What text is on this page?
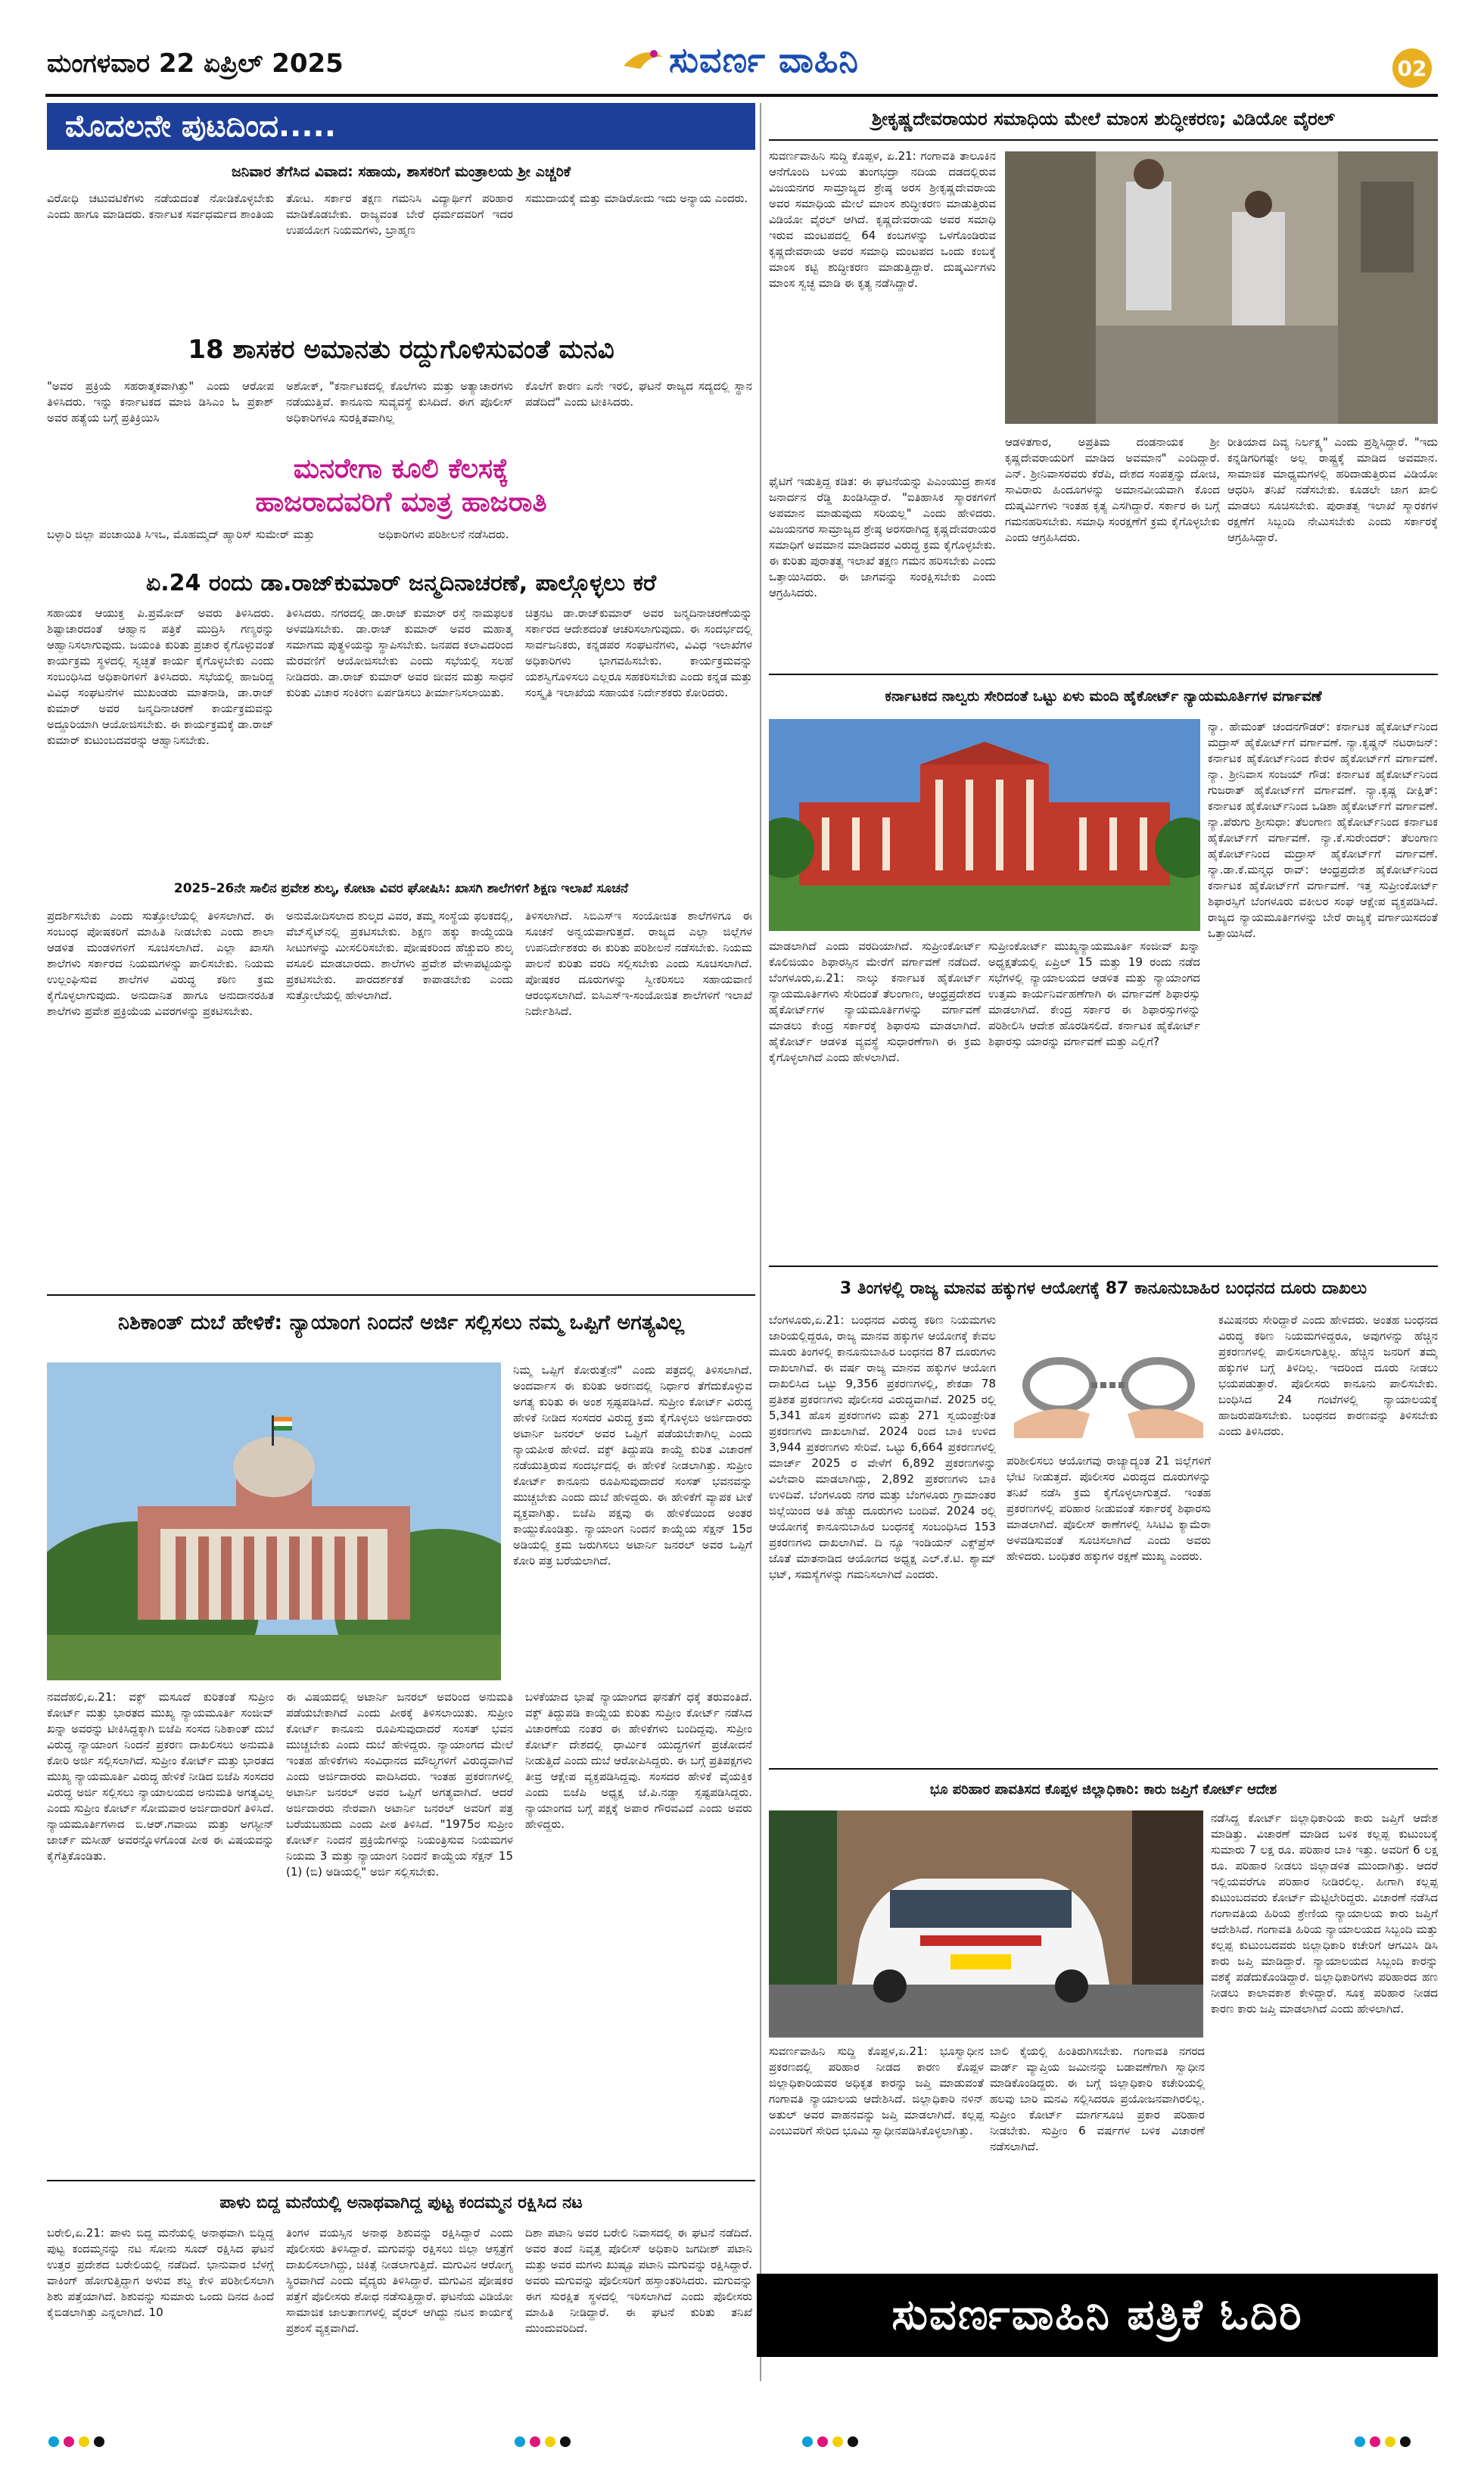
ಮಂಗಳವಾರ 22 ಏಪ್ರಿಲ್ 2025	ಸುವರ್ಣ ವಾಹಿನಿ	02
ಮೊದಲನೇ ಪುಟದಿಂದ.....
ಜನಿವಾರ ತೆಗೆಸಿದ ವಿವಾದ: ಸಹಾಯ, ಶಾಸಕರಿಗೆ ಮಂತ್ರಾಲಯ ಶ್ರೀ ಎಚ್ಚರಿಕೆ
ವಿರೋಧಿ ಚಟುವಟಿಕೆಗಳು ನಡೆಯದಂತೆ ನೋಡಿಕೊಳ್ಳಬೇಕು ಎಂದು ಹಾಗೂ ಮಾಡಿದರು. ಕರ್ನಾಟಕ ಸರ್ವಧರ್ಮದ ಶಾಂತಿಯ
ತೋಟ. ಸರ್ಕಾರ ತಕ್ಷಣ ಗಮನಿಸಿ ವಿದ್ಯಾರ್ಥಿಗೆ ಪರಿಹಾರ ಮಾಡಿಕೊಡಬೇಕು. ರಾಜ್ಯವಂತ ಬೇರೆ ಧರ್ಮದವರಿಗೆ ಇದರ ಉಪಯೋಗ ನಿಯಮಗಳು, ಬ್ರಾಹ್ಮಣ
ಸಮುದಾಯಕ್ಕೆ ಮತ್ತು ಮಾಡಿರೋದು ಇದು ಅನ್ಯಾಯ ಎಂದರು.
18 ಶಾಸಕರ ಅಮಾನತು ರದ್ದುಗೊಳಿಸುವಂತೆ ಮನವಿ
"ಅವರ ಪ್ರಕ್ರಿಯೆ ಸಹರಾತ್ಮಕವಾಗಿತ್ತು" ಎಂದು ಆರೋಪ ತಿಳಿಸಿದರು. ಇನ್ನು ಕರ್ನಾಟಕದ ಮಾಜಿ ಡಿಸಿಎಂ ಓ ಪ್ರಕಾಶ್ ಅವರ ಹತ್ಯೆಯ ಬಗ್ಗೆ ಪ್ರತಿಕ್ರಿಯಿಸಿ
ಅಶೋಕ್, "ಕರ್ನಾಟಕದಲ್ಲಿ ಕೊಲೆಗಳು ಮತ್ತು ಅತ್ಯಾಚಾರಗಳು ನಡೆಯುತ್ತಿವೆ. ಕಾನೂನು ಸುವ್ಯವಸ್ಥೆ ಕುಸಿದಿದೆ. ಈಗ ಪೊಲೀಸ್ ಅಧಿಕಾರಿಗಳೂ ಸುರಕ್ಷಿತವಾಗಿಲ್ಲ
ಕೊಲೆಗೆ ಕಾರಣ ಏನೇ ಇರಲಿ, ಘಟನೆ ರಾಜ್ಯದ ಸದ್ಯದಲ್ಲಿ ಸ್ಥಾನ ಪಡೆದಿದೆ" ಎಂದು ಟೀಕಿಸಿದರು.
ಮನರೇಗಾ ಕೂಲಿ ಕೆಲಸಕ್ಕೆ
ಹಾಜರಾದವರಿಗೆ ಮಾತ್ರ ಹಾಜರಾತಿ
ಬಳ್ಳಾರಿ ಜಿಲ್ಲಾ ಪಂಚಾಯಿತಿ ಸಿಇಒ, ಮೊಹಮ್ಮದ್ ಹ್ಯಾರಿಸ್ ಸುಮೇರ್ ಮತ್ತು	ಅಧಿಕಾರಿಗಳು ಪರಿಶೀಲನೆ ನಡೆಸಿದರು.
ಏ.24 ರಂದು ಡಾ.ರಾಜ್‌ಕುಮಾರ್ ಜನ್ಮದಿನಾಚರಣೆ, ಪಾಲ್ಗೊಳ್ಳಲು ಕರೆ
ಸಹಾಯಕ ಆಯುಕ್ತ ಪಿ.ಪ್ರಮೋದ್ ಅವರು ತಿಳಿಸಿದರು. ಶಿಷ್ಟಾಚಾರದಂತೆ ಆಹ್ವಾನ ಪತ್ರಿಕೆ ಮುದ್ರಿಸಿ ಗಣ್ಯರನ್ನು ಆಹ್ವಾನಿಸಲಾಗುವುದು. ಜಯಂತಿ ಕುರಿತು ಪ್ರಚಾರ ಕೈಗೊಳ್ಳುವಂತೆ ಕಾರ್ಯಕ್ರಮ ಸ್ಥಳದಲ್ಲಿ ಸ್ವಚ್ಛತೆ ಕಾರ್ಯ ಕೈಗೊಳ್ಳಬೇಕು ಎಂದು ಸಂಬಂಧಿಸಿದ ಅಧಿಕಾರಿಗಳಿಗೆ ತಿಳಿಸಿದರು. ಸಭೆಯಲ್ಲಿ ಹಾಜರಿದ್ದ ವಿವಿಧ ಸಂಘಟನೆಗಳ ಮುಖಂಡರು ಮಾತನಾಡಿ, ಡಾ.ರಾಜ್ ಕುಮಾರ್ ಅವರ ಜನ್ಮದಿನಾಚರಣೆ ಕಾರ್ಯಕ್ರಮವನ್ನು ಅದ್ದೂರಿಯಾಗಿ ಆಯೋಜಿಸಬೇಕು. ಈ ಕಾರ್ಯಕ್ರಮಕ್ಕೆ ಡಾ.ರಾಜ್ ಕುಮಾರ್ ಕುಟುಂಬದವರನ್ನು ಆಹ್ವಾನಿಸಬೇಕು.
ತಿಳಿಸಿದರು. ನಗರದಲ್ಲಿ ಡಾ.ರಾಜ್ ಕುಮಾರ್ ರಸ್ತೆ ನಾಮಫಲಕ ಅಳವಡಿಸಬೇಕು. ಡಾ.ರಾಜ್ ಕುಮಾರ್ ಅವರ ಮಹಾತ್ಮ ಸಮಾಗಮ ಪುತ್ಥಳಿಯನ್ನು ಸ್ಥಾಪಿಸಬೇಕು. ಜನಪದ ಕಲಾವಿದರಿಂದ ಮೆರವಣಿಗೆ ಆಯೋಜಿಸಬೇಕು ಎಂದು ಸಭೆಯಲ್ಲಿ ಸಲಹೆ ನೀಡಿದರು. ಡಾ.ರಾಜ್ ಕುಮಾರ್ ಅವರ ಜೀವನ ಮತ್ತು ಸಾಧನೆ ಕುರಿತು ವಿಚಾರ ಸಂಕಿರಣ ಏರ್ಪಡಿಸಲು ತೀರ್ಮಾನಿಸಲಾಯಿತು.
ಚಿತ್ರನಟ ಡಾ.ರಾಜ್‌ಕುಮಾರ್ ಅವರ ಜನ್ಮದಿನಾಚರಣೆಯನ್ನು ಸರ್ಕಾರದ ಆದೇಶದಂತೆ ಆಚರಿಸಲಾಗುವುದು. ಈ ಸಂದರ್ಭದಲ್ಲಿ ಸಾರ್ವಜನಿಕರು, ಕನ್ನಡಪರ ಸಂಘಟನೆಗಳು, ವಿವಿಧ ಇಲಾಖೆಗಳ ಅಧಿಕಾರಿಗಳು ಭಾಗವಹಿಸಬೇಕು. ಕಾರ್ಯಕ್ರಮವನ್ನು ಯಶಸ್ವಿಗೊಳಿಸಲು ಎಲ್ಲರೂ ಸಹಕರಿಸಬೇಕು ಎಂದು ಕನ್ನಡ ಮತ್ತು ಸಂಸ್ಕೃತಿ ಇಲಾಖೆಯ ಸಹಾಯಕ ನಿರ್ದೇಶಕರು ಕೋರಿದರು.
2025–26ನೇ ಸಾಲಿನ ಪ್ರವೇಶ ಶುಲ್ಕ, ಕೋಟಾ ವಿವರ ಘೋಷಿಸಿ: ಖಾಸಗಿ ಶಾಲೆಗಳಿಗೆ ಶಿಕ್ಷಣ ಇಲಾಖೆ ಸೂಚನೆ
ಪ್ರದರ್ಶಿಸಬೇಕು ಎಂದು ಸುತ್ತೋಲೆಯಲ್ಲಿ ತಿಳಿಸಲಾಗಿದೆ. ಈ ಸಂಬಂಧ ಪೋಷಕರಿಗೆ ಮಾಹಿತಿ ನೀಡಬೇಕು ಎಂದು ಶಾಲಾ ಆಡಳಿತ ಮಂಡಳಿಗಳಿಗೆ ಸೂಚಿಸಲಾಗಿದೆ. ಎಲ್ಲಾ ಖಾಸಗಿ ಶಾಲೆಗಳು ಸರ್ಕಾರದ ನಿಯಮಗಳನ್ನು ಪಾಲಿಸಬೇಕು. ನಿಯಮ ಉಲ್ಲಂಘಿಸುವ ಶಾಲೆಗಳ ವಿರುದ್ಧ ಕಠಿಣ ಕ್ರಮ ಕೈಗೊಳ್ಳಲಾಗುವುದು. ಅನುದಾನಿತ ಹಾಗೂ ಅನುದಾನರಹಿತ ಶಾಲೆಗಳು ಪ್ರವೇಶ ಪ್ರಕ್ರಿಯೆಯ ವಿವರಗಳನ್ನು ಪ್ರಕಟಿಸಬೇಕು.
ಅನುಮೋದಿಸಲಾದ ಶುಲ್ಕದ ವಿವರ, ತಮ್ಮ ಸಂಸ್ಥೆಯ ಫಲಕದಲ್ಲಿ, ವೆಬ್‌ಸೈಟ್‌ನಲ್ಲಿ ಪ್ರಕಟಿಸಬೇಕು. ಶಿಕ್ಷಣ ಹಕ್ಕು ಕಾಯ್ದೆಯಡಿ ಸೀಟುಗಳನ್ನು ಮೀಸಲಿರಿಸಬೇಕು. ಪೋಷಕರಿಂದ ಹೆಚ್ಚುವರಿ ಶುಲ್ಕ ವಸೂಲಿ ಮಾಡಬಾರದು. ಶಾಲೆಗಳು ಪ್ರವೇಶ ವೇಳಾಪಟ್ಟಿಯನ್ನು ಪ್ರಕಟಿಸಬೇಕು. ಪಾರದರ್ಶಕತೆ ಕಾಪಾಡಬೇಕು ಎಂದು ಸುತ್ತೋಲೆಯಲ್ಲಿ ಹೇಳಲಾಗಿದೆ.
ತಿಳಿಸಲಾಗಿದೆ. ಸಿಬಿಎಸ್‌ಇ ಸಂಯೋಜಿತ ಶಾಲೆಗಳಿಗೂ ಈ ಸೂಚನೆ ಅನ್ವಯವಾಗುತ್ತದೆ. ರಾಜ್ಯದ ಎಲ್ಲಾ ಜಿಲ್ಲೆಗಳ ಉಪನಿರ್ದೇಶಕರು ಈ ಕುರಿತು ಪರಿಶೀಲನೆ ನಡೆಸಬೇಕು. ನಿಯಮ ಪಾಲನೆ ಕುರಿತು ವರದಿ ಸಲ್ಲಿಸಬೇಕು ಎಂದು ಸೂಚಿಸಲಾಗಿದೆ. ಪೋಷಕರ ದೂರುಗಳನ್ನು ಸ್ವೀಕರಿಸಲು ಸಹಾಯವಾಣಿ ಆರಂಭಿಸಲಾಗಿದೆ. ಐಸಿಎಸ್‌ಇ-ಸಂಯೋಜಿತ ಶಾಲೆಗಳಿಗೆ ಇಲಾಖೆ ನಿರ್ದೇಶಿಸಿದೆ.
ನಿಶಿಕಾಂತ್ ದುಬೆ ಹೇಳಿಕೆ: ನ್ಯಾಯಾಂಗ ನಿಂದನೆ ಅರ್ಜಿ ಸಲ್ಲಿಸಲು ನಮ್ಮ ಒಪ್ಪಿಗೆ ಅಗತ್ಯವಿಲ್ಲ
ನಿಮ್ಮ ಒಪ್ಪಿಗೆ ಕೋರುತ್ತೇನೆ" ಎಂದು ಪತ್ರದಲ್ಲಿ ತಿಳಿಸಲಾಗಿದೆ. ಅಂದರ್ವಾಸ ಈ ಕುರಿತು ಅರಣದಲ್ಲಿ ನಿರ್ಧಾರ ತೆಗೆದುಕೊಳ್ಳುವ ಅಗತ್ಯ ಕುರಿತು ಈ ಅಂಶ ಸ್ಪಷ್ಟಪಡಿಸಿದೆ. ಸುಪ್ರೀಂ ಕೋರ್ಟ್ ವಿರುದ್ಧ ಹೇಳಿಕೆ ನೀಡಿದ ಸಂಸದರ ವಿರುದ್ಧ ಕ್ರಮ ಕೈಗೊಳ್ಳಲು ಅರ್ಜಿದಾರರು ಅಟಾರ್ನಿ ಜನರಲ್ ಅವರ ಒಪ್ಪಿಗೆ ಪಡೆಯಬೇಕಾಗಿಲ್ಲ ಎಂದು ನ್ಯಾಯಪೀಠ ಹೇಳಿದೆ. ವಕ್ಫ್ ತಿದ್ದುಪಡಿ ಕಾಯ್ದೆ ಕುರಿತ ವಿಚಾರಣೆ ನಡೆಯುತ್ತಿರುವ ಸಂದರ್ಭದಲ್ಲಿ ಈ ಹೇಳಿಕೆ ನೀಡಲಾಗಿತ್ತು. ಸುಪ್ರೀಂ ಕೋರ್ಟ್ ಕಾನೂನು ರೂಪಿಸುವುದಾದರೆ ಸಂಸತ್ ಭವನವನ್ನು ಮುಚ್ಚಬೇಕು ಎಂದು ದುಬೆ ಹೇಳಿದ್ದರು. ಈ ಹೇಳಿಕೆಗೆ ವ್ಯಾಪಕ ಟೀಕೆ ವ್ಯಕ್ತವಾಗಿತ್ತು. ಬಿಜೆಪಿ ಪಕ್ಷವು ಈ ಹೇಳಿಕೆಯಿಂದ ಅಂತರ ಕಾಯ್ದುಕೊಂಡಿತ್ತು. ನ್ಯಾಯಾಂಗ ನಿಂದನೆ ಕಾಯ್ದೆಯ ಸೆಕ್ಷನ್ 15ರ ಅಡಿಯಲ್ಲಿ ಕ್ರಮ ಜರುಗಿಸಲು ಅಟಾರ್ನಿ ಜನರಲ್ ಅವರ ಒಪ್ಪಿಗೆ ಕೋರಿ ಪತ್ರ ಬರೆಯಲಾಗಿದೆ.
ನವದೆಹಲಿ,ಏ.21: ವಕ್ಫ್ ಮಸೂದೆ ಕುರಿತಂತೆ ಸುಪ್ರೀಂ ಕೋರ್ಟ್ ಮತ್ತು ಭಾರತದ ಮುಖ್ಯ ನ್ಯಾಯಮೂರ್ತಿ ಸಂಜೀವ್ ಖನ್ನಾ ಅವರನ್ನು ಟೀಕಿಸಿದ್ದಕ್ಕಾಗಿ ಬಿಜೆಪಿ ಸಂಸದ ನಿಶಿಕಾಂತ್ ದುಬೆ ವಿರುದ್ಧ ನ್ಯಾಯಾಂಗ ನಿಂದನೆ ಪ್ರಕರಣ ದಾಖಲಿಸಲು ಅನುಮತಿ ಕೋರಿ ಅರ್ಜಿ ಸಲ್ಲಿಸಲಾಗಿದೆ. ಸುಪ್ರೀಂ ಕೋರ್ಟ್ ಮತ್ತು ಭಾರತದ ಮುಖ್ಯ ನ್ಯಾಯಮೂರ್ತಿ ವಿರುದ್ಧ ಹೇಳಿಕೆ ನೀಡಿದ ಬಿಜೆಪಿ ಸಂಸದರ ವಿರುದ್ಧ ಅರ್ಜಿ ಸಲ್ಲಿಸಲು ನ್ಯಾಯಾಲಯದ ಅನುಮತಿ ಅಗತ್ಯವಿಲ್ಲ ಎಂದು ಸುಪ್ರೀಂ ಕೋರ್ಟ್ ಸೋಮವಾರ ಅರ್ಜಿದಾರರಿಗೆ ತಿಳಿಸಿದೆ. ನ್ಯಾಯಮೂರ್ತಿಗಳಾದ ಬಿ.ಆರ್.ಗವಾಯಿ ಮತ್ತು ಅಗಸ್ಟೀನ್ ಜಾರ್ಜ್ ಮಸೀಹ್ ಅವರನ್ನೊಳಗೊಂಡ ಪೀಠ ಈ ವಿಷಯವನ್ನು ಕೈಗೆತ್ತಿಕೊಂಡಿತು.
ಈ ವಿಷಯದಲ್ಲಿ ಅಟಾರ್ನಿ ಜನರಲ್ ಅವರಿಂದ ಅನುಮತಿ ಪಡೆಯಬೇಕಾಗಿದೆ ಎಂದು ಪೀಠಕ್ಕೆ ತಿಳಿಸಲಾಯಿತು. ಸುಪ್ರೀಂ ಕೋರ್ಟ್ ಕಾನೂನು ರೂಪಿಸುವುದಾದರೆ ಸಂಸತ್ ಭವನ ಮುಚ್ಚಬೇಕು ಎಂದು ದುಬೆ ಹೇಳಿದ್ದರು. ನ್ಯಾಯಾಂಗದ ಮೇಲೆ ಇಂತಹ ಹೇಳಿಕೆಗಳು ಸಂವಿಧಾನದ ಮೌಲ್ಯಗಳಿಗೆ ವಿರುದ್ಧವಾಗಿವೆ ಎಂದು ಅರ್ಜಿದಾರರು ವಾದಿಸಿದರು. ಇಂತಹ ಪ್ರಕರಣಗಳಲ್ಲಿ ಅಟಾರ್ನಿ ಜನರಲ್ ಅವರ ಒಪ್ಪಿಗೆ ಅಗತ್ಯವಾಗಿದೆ. ಆದರೆ ಅರ್ಜಿದಾರರು ನೇರವಾಗಿ ಅಟಾರ್ನಿ ಜನರಲ್ ಅವರಿಗೆ ಪತ್ರ ಬರೆಯಬಹುದು ಎಂದು ಪೀಠ ತಿಳಿಸಿದೆ. "1975ರ ಸುಪ್ರೀಂ ಕೋರ್ಟ್ ನಿಂದನೆ ಪ್ರಕ್ರಿಯೆಗಳನ್ನು ನಿಯಂತ್ರಿಸುವ ನಿಯಮಗಳ ನಿಯಮ 3 ಮತ್ತು ನ್ಯಾಯಾಂಗ ನಿಂದನೆ ಕಾಯ್ದೆಯ ಸೆಕ್ಷನ್ 15 (1) (ಬಿ) ಅಡಿಯಲ್ಲಿ" ಅರ್ಜಿ ಸಲ್ಲಿಸಬೇಕು.
ಬಳಕೆಯಾದ ಭಾಷೆ ನ್ಯಾಯಾಂಗದ ಘನತೆಗೆ ಧಕ್ಕೆ ತರುವಂತಿದೆ. ವಕ್ಫ್ ತಿದ್ದುಪಡಿ ಕಾಯ್ದೆಯ ಕುರಿತು ಸುಪ್ರೀಂ ಕೋರ್ಟ್ ನಡೆಸಿದ ವಿಚಾರಣೆಯ ನಂತರ ಈ ಹೇಳಿಕೆಗಳು ಬಂದಿದ್ದವು. ಸುಪ್ರೀಂ ಕೋರ್ಟ್ ದೇಶದಲ್ಲಿ ಧಾರ್ಮಿಕ ಯುದ್ಧಗಳಿಗೆ ಪ್ರಚೋದನೆ ನೀಡುತ್ತಿದೆ ಎಂದು ದುಬೆ ಆರೋಪಿಸಿದ್ದರು. ಈ ಬಗ್ಗೆ ಪ್ರತಿಪಕ್ಷಗಳು ತೀವ್ರ ಆಕ್ಷೇಪ ವ್ಯಕ್ತಪಡಿಸಿದ್ದವು. ಸಂಸದರ ಹೇಳಿಕೆ ವೈಯಕ್ತಿಕ ಎಂದು ಬಿಜೆಪಿ ಅಧ್ಯಕ್ಷ ಜೆ.ಪಿ.ನಡ್ಡಾ ಸ್ಪಷ್ಟಪಡಿಸಿದ್ದರು. ನ್ಯಾಯಾಂಗದ ಬಗ್ಗೆ ಪಕ್ಷಕ್ಕೆ ಅಪಾರ ಗೌರವವಿದೆ ಎಂದು ಅವರು ಹೇಳಿದ್ದರು.
ಪಾಳು ಬಿದ್ದ ಮನೆಯಲ್ಲಿ ಅನಾಥವಾಗಿದ್ದ ಪುಟ್ಟ ಕಂದಮ್ಮನ ರಕ್ಷಿಸಿದ ನಟ
ಬರೇಲಿ,ಏ.21: ಪಾಳು ಬಿದ್ದ ಮನೆಯಲ್ಲಿ ಅನಾಥವಾಗಿ ಬಿದ್ದಿದ್ದ ಪುಟ್ಟ ಕಂದಮ್ಮನನ್ನು ನಟ ಸೋನು ಸೂದ್ ರಕ್ಷಿಸಿದ ಘಟನೆ ಉತ್ತರ ಪ್ರದೇಶದ ಬರೇಲಿಯಲ್ಲಿ ನಡೆದಿದೆ. ಭಾನುವಾರ ಬೆಳಗ್ಗೆ ವಾಕಿಂಗ್ ಹೋಗುತ್ತಿದ್ದಾಗ ಅಳುವ ಶಬ್ದ ಕೇಳಿ ಪರಿಶೀಲಿಸಲಾಗಿ ಶಿಶು ಪತ್ತೆಯಾಗಿದೆ. ಶಿಶುವನ್ನು ಸುಮಾರು ಒಂದು ದಿನದ ಹಿಂದೆ ಕೈಬಿಡಲಾಗಿತ್ತು ಎನ್ನಲಾಗಿದೆ. 10
ತಿಂಗಳ ವಯಸ್ಸಿನ ಅನಾಥ ಶಿಶುವನ್ನು ರಕ್ಷಿಸಿದ್ದಾರೆ ಎಂದು ಪೊಲೀಸರು ತಿಳಿಸಿದ್ದಾರೆ. ಮಗುವನ್ನು ರಕ್ಷಿಸಲು ಜಿಲ್ಲಾ ಆಸ್ಪತ್ರೆಗೆ ದಾಖಲಿಸಲಾಗಿದ್ದು, ಚಿಕಿತ್ಸೆ ನೀಡಲಾಗುತ್ತಿದೆ. ಮಗುವಿನ ಆರೋಗ್ಯ ಸ್ಥಿರವಾಗಿದೆ ಎಂದು ವೈದ್ಯರು ತಿಳಿಸಿದ್ದಾರೆ. ಮಗುವಿನ ಪೋಷಕರ ಪತ್ತೆಗೆ ಪೊಲೀಸರು ಶೋಧ ನಡೆಸುತ್ತಿದ್ದಾರೆ. ಘಟನೆಯ ವಿಡಿಯೋ ಸಾಮಾಜಿಕ ಜಾಲತಾಣಗಳಲ್ಲಿ ವೈರಲ್ ಆಗಿದ್ದು ನಟನ ಕಾರ್ಯಕ್ಕೆ ಪ್ರಶಂಸೆ ವ್ಯಕ್ತವಾಗಿದೆ.
ದಿಶಾ ಪಟಾನಿ ಅವರ ಬರೇಲಿ ನಿವಾಸದಲ್ಲಿ ಈ ಘಟನೆ ನಡೆದಿದೆ. ಅವರ ತಂದೆ ನಿವೃತ್ತ ಪೊಲೀಸ್ ಅಧಿಕಾರಿ ಜಗದೀಶ್ ಪಟಾನಿ ಮತ್ತು ಅವರ ಮಗಳು ಖುಷ್ಬೂ ಪಟಾನಿ ಮಗುವನ್ನು ರಕ್ಷಿಸಿದ್ದಾರೆ. ಅವರು ಮಗುವನ್ನು ಪೊಲೀಸರಿಗೆ ಹಸ್ತಾಂತರಿಸಿದರು. ಮಗುವನ್ನು ಈಗ ಸುರಕ್ಷಿತ ಸ್ಥಳದಲ್ಲಿ ಇರಿಸಲಾಗಿದೆ ಎಂದು ಪೊಲೀಸರು ಮಾಹಿತಿ ನೀಡಿದ್ದಾರೆ. ಈ ಘಟನೆ ಕುರಿತು ತನಿಖೆ ಮುಂದುವರಿದಿದೆ.
ಶ್ರೀಕೃಷ್ಣದೇವರಾಯರ ಸಮಾಧಿಯ ಮೇಲೆ ಮಾಂಸ ಶುದ್ಧೀಕರಣ; ವಿಡಿಯೋ ವೈರಲ್
ಸುವರ್ಣವಾಹಿನಿ ಸುದ್ದಿ ಕೊಪ್ಪಳ, ಏ.21: ಗಂಗಾವತಿ ತಾಲೂಕಿನ ಆನೆಗೊಂದಿ ಬಳಿಯ ತುಂಗಭದ್ರಾ ನದಿಯ ದಡದಲ್ಲಿರುವ ವಿಜಯನಗರ ಸಾಮ್ರಾಜ್ಯದ ಶ್ರೇಷ್ಠ ಅರಸ ಶ್ರೀಕೃಷ್ಣದೇವರಾಯ ಅವರ ಸಮಾಧಿಯ ಮೇಲೆ ಮಾಂಸ ಶುದ್ಧೀಕರಣ ಮಾಡುತ್ತಿರುವ ವಿಡಿಯೋ ವೈರಲ್ ಆಗಿದೆ. ಕೃಷ್ಣದೇವರಾಯ ಅವರ ಸಮಾಧಿ ಇರುವ ಮಂಟಪದಲ್ಲಿ 64 ಕಂಬಗಳನ್ನು ಒಳಗೊಂಡಿರುವ ಕೃಷ್ಣದೇವರಾಯ ಅವರ ಸಮಾಧಿ ಮಂಟಪದ ಒಂದು ಕಂಬಕ್ಕೆ ಮಾಂಸ ಕಟ್ಟಿ ಶುದ್ಧೀಕರಣ ಮಾಡುತ್ತಿದ್ದಾರೆ. ದುಷ್ಕರ್ಮಿಗಳು ಮಾಂಸ ಸ್ವಚ್ಛ ಮಾಡಿ ಈ ಕೃತ್ಯ ನಡೆಸಿದ್ದಾರೆ.
ಫೈಟಿಗೆ ಇಡುತ್ತಿದ್ದ ಕಡಿತ: ಈ ಘಟನೆಯನ್ನು ಪಿಎಂಯುದ್ರ ಶಾಸಕ ಜನಾರ್ದನ ರೆಡ್ಡಿ ಖಂಡಿಸಿದ್ದಾರೆ. "ಐತಿಹಾಸಿಕ ಸ್ಮಾರಕಗಳಿಗೆ ಅಪಮಾನ ಮಾಡುವುದು ಸರಿಯಲ್ಲ" ಎಂದು ಹೇಳಿದರು. ವಿಜಯನಗರ ಸಾಮ್ರಾಜ್ಯದ ಶ್ರೇಷ್ಠ ಅರಸರಾಗಿದ್ದ ಕೃಷ್ಣದೇವರಾಯರ ಸಮಾಧಿಗೆ ಅವಮಾನ ಮಾಡಿದವರ ವಿರುದ್ಧ ಕ್ರಮ ಕೈಗೊಳ್ಳಬೇಕು. ಈ ಕುರಿತು ಪುರಾತತ್ವ ಇಲಾಖೆ ತಕ್ಷಣ ಗಮನ ಹರಿಸಬೇಕು ಎಂದು ಒತ್ತಾಯಿಸಿದರು. ಈ ಜಾಗವನ್ನು ಸಂರಕ್ಷಿಸಬೇಕು ಎಂದು ಆಗ್ರಹಿಸಿದರು.
ಆಡಳಿತಗಾರ, ಅಪ್ರತಿಮ ದಂಡನಾಯಕ ಶ್ರೀ ಕೃಷ್ಣದೇವರಾಯರಿಗೆ ಮಾಡಿದ ಅವಮಾನ" ಎಂದಿದ್ದಾರೆ. ಎನ್. ಶ್ರೀನಿವಾಸರವರು ಕೆರೆಪಿ, ದೇಶದ ಸಂಪತ್ತನ್ನು ದೋಚಿ, ಸಾವಿರಾರು ಹಿಂದೂಗಳನ್ನು ಅಮಾನವೀಯವಾಗಿ ಕೊಂದ ದುಷ್ಕರ್ಮಿಗಳು ಇಂತಹ ಕೃತ್ಯ ಎಸಗಿದ್ದಾರೆ. ಸರ್ಕಾರ ಈ ಬಗ್ಗೆ ಗಮನಹರಿಸಬೇಕು. ಸಮಾಧಿ ಸಂರಕ್ಷಣೆಗೆ ಕ್ರಮ ಕೈಗೊಳ್ಳಬೇಕು ಎಂದು ಆಗ್ರಹಿಸಿದರು.
ರೀತಿಯಾದ ದಿವ್ಯ ನಿರ್ಲಕ್ಷ್ಯ" ಎಂದು ಪ್ರಶ್ನಿಸಿದ್ದಾರೆ. "ಇದು ಕನ್ನಡಿಗರಿಗಷ್ಟೇ ಅಲ್ಲ ರಾಷ್ಟ್ರಕ್ಕೆ ಮಾಡಿದ ಅವಮಾನ. ಸಾಮಾಜಿಕ ಮಾಧ್ಯಮಗಳಲ್ಲಿ ಹರಿದಾಡುತ್ತಿರುವ ವಿಡಿಯೋ ಆಧರಿಸಿ ತನಿಖೆ ನಡೆಸಬೇಕು. ಕೂಡಲೇ ಜಾಗ ಖಾಲಿ ಮಾಡಲು ಸೂಚಿಸಬೇಕು. ಪುರಾತತ್ವ ಇಲಾಖೆ ಸ್ಮಾರಕಗಳ ರಕ್ಷಣೆಗೆ ಸಿಬ್ಬಂದಿ ನೇಮಿಸಬೇಕು ಎಂದು ಸರ್ಕಾರಕ್ಕೆ ಆಗ್ರಹಿಸಿದ್ದಾರೆ.
ಕರ್ನಾಟಕದ ನಾಲ್ವರು ಸೇರಿದಂತೆ ಒಟ್ಟು ಏಳು ಮಂದಿ ಹೈಕೋರ್ಟ್ ನ್ಯಾಯಮೂರ್ತಿಗಳ ವರ್ಗಾವಣೆ
ನ್ಯಾ. ಹೇಮಂತ್ ಚಂದನಗೌಡರ್: ಕರ್ನಾಟಕ ಹೈಕೋರ್ಟ್‌ನಿಂದ ಮದ್ರಾಸ್ ಹೈಕೋರ್ಟ್‌ಗೆ ವರ್ಗಾವಣೆ. ನ್ಯಾ.ಕೃಷ್ಣನ್ ನಟರಾಜನ್: ಕರ್ನಾಟಕ ಹೈಕೋರ್ಟ್‌ನಿಂದ ಕೇರಳ ಹೈಕೋರ್ಟ್‌ಗೆ ವರ್ಗಾವಣೆ. ನ್ಯಾ. ಶ್ರೀನಿವಾಸ ಸಂಜಯ್ ಗೌಡ: ಕರ್ನಾಟಕ ಹೈಕೋರ್ಟ್‌ನಿಂದ ಗುಜರಾತ್ ಹೈಕೋರ್ಟ್‌ಗೆ ವರ್ಗಾವಣೆ. ನ್ಯಾ.ಕೃಷ್ಣ ದೀಕ್ಷಿತ್: ಕರ್ನಾಟಕ ಹೈಕೋರ್ಟ್‌ನಿಂದ ಒಡಿಶಾ ಹೈಕೋರ್ಟ್‌ಗೆ ವರ್ಗಾವಣೆ. ನ್ಯಾ.ಪೆರುಗು ಶ್ರೀಸುಧಾ: ತೆಲಂಗಾಣ ಹೈಕೋರ್ಟ್‌ನಿಂದ ಕರ್ನಾಟಕ ಹೈಕೋರ್ಟ್‌ಗೆ ವರ್ಗಾವಣೆ. ನ್ಯಾ.ಕೆ.ಸುರೇಂದರ್: ತೆಲಂಗಾಣ ಹೈಕೋರ್ಟ್‌ನಿಂದ ಮದ್ರಾಸ್ ಹೈಕೋರ್ಟ್‌ಗೆ ವರ್ಗಾವಣೆ. ನ್ಯಾ.ಡಾ.ಕೆ.ಮನ್ಮಧ ರಾವ್: ಆಂಧ್ರಪ್ರದೇಶ ಹೈಕೋರ್ಟ್‌ನಿಂದ ಕರ್ನಾಟಕ ಹೈಕೋರ್ಟ್‌ಗೆ ವರ್ಗಾವಣೆ. ಇತ್ತ ಸುಪ್ರೀಂಕೋರ್ಟ್ ಶಿಫಾರಸ್ಸಿಗೆ ಬೆಂಗಳೂರು ವಕೀಲರ ಸಂಘ ಆಕ್ಷೇಪ ವ್ಯಕ್ತಪಡಿಸಿದೆ. ರಾಜ್ಯದ ನ್ಯಾಯಮೂರ್ತಿಗಳನ್ನು ಬೇರೆ ರಾಜ್ಯಕ್ಕೆ ವರ್ಗಾಯಿಸದಂತೆ ಒತ್ತಾಯಿಸಿದೆ.
ಮಾಡಲಾಗಿದೆ ಎಂದು ವರದಿಯಾಗಿದೆ. ಸುಪ್ರೀಂಕೋರ್ಟ್ ಕೊಲಿಜಿಯಂ ಶಿಫಾರಸ್ಸಿನ ಮೇರೆಗೆ ವರ್ಗಾವಣೆ ನಡೆದಿದೆ. ಬೆಂಗಳೂರು,ಏ.21: ನಾಲ್ಕು ಕರ್ನಾಟಕ ಹೈಕೋರ್ಟ್ ನ್ಯಾಯಮೂರ್ತಿಗಳು ಸೇರಿದಂತೆ ತೆಲಂಗಾಣ, ಆಂಧ್ರಪ್ರದೇಶದ ಹೈಕೋರ್ಟ್‌ಗಳ ನ್ಯಾಯಮೂರ್ತಿಗಳನ್ನು ವರ್ಗಾವಣೆ ಮಾಡಲು ಕೇಂದ್ರ ಸರ್ಕಾರಕ್ಕೆ ಶಿಫಾರಸು ಮಾಡಲಾಗಿದೆ. ಹೈಕೋರ್ಟ್ ಆಡಳಿತ ವ್ಯವಸ್ಥೆ ಸುಧಾರಣೆಗಾಗಿ ಈ ಕ್ರಮ ಕೈಗೊಳ್ಳಲಾಗಿದೆ ಎಂದು ಹೇಳಲಾಗಿದೆ.
ಸುಪ್ರೀಂಕೋರ್ಟ್ ಮುಖ್ಯನ್ಯಾಯಮೂರ್ತಿ ಸಂಜೀವ್ ಖನ್ನಾ ಅಧ್ಯಕ್ಷತೆಯಲ್ಲಿ ಏಪ್ರಿಲ್ 15 ಮತ್ತು 19 ರಂದು ನಡೆದ ಸಭೆಗಳಲ್ಲಿ ನ್ಯಾಯಾಲಯದ ಆಡಳಿತ ಮತ್ತು ನ್ಯಾಯಾಂಗದ ಉತ್ತಮ ಕಾರ್ಯನಿರ್ವಹಣೆಗಾಗಿ ಈ ವರ್ಗಾವಣೆ ಶಿಫಾರಸ್ಸು ಮಾಡಲಾಗಿದೆ. ಕೇಂದ್ರ ಸರ್ಕಾರ ಈ ಶಿಫಾರಸ್ಸುಗಳನ್ನು ಪರಿಶೀಲಿಸಿ ಆದೇಶ ಹೊರಡಿಸಲಿದೆ. ಕರ್ನಾಟಕ ಹೈಕೋರ್ಟ್ ಶಿಫಾರಸ್ಸು ಯಾರನ್ನು ವರ್ಗಾವಣೆ ಮತ್ತು ಎಲ್ಲಿಗೆ?
3 ತಿಂಗಳಲ್ಲಿ ರಾಜ್ಯ ಮಾನವ ಹಕ್ಕುಗಳ ಆಯೋಗಕ್ಕೆ 87 ಕಾನೂನುಬಾಹಿರ ಬಂಧನದ ದೂರು ದಾಖಲು
ಬೆಂಗಳೂರು,ಏ.21: ಬಂಧನದ ವಿರುದ್ಧ ಕಠಿಣ ನಿಯಮಗಳು ಜಾರಿಯಲ್ಲಿದ್ದರೂ, ರಾಜ್ಯ ಮಾನವ ಹಕ್ಕುಗಳ ಆಯೋಗಕ್ಕೆ ಕೇವಲ ಮೂರು ತಿಂಗಳಲ್ಲಿ ಕಾನೂನುಬಾಹಿರ ಬಂಧನದ 87 ದೂರುಗಳು ದಾಖಲಾಗಿವೆ. ಈ ವರ್ಷ ರಾಜ್ಯ ಮಾನವ ಹಕ್ಕುಗಳ ಆಯೋಗ ದಾಖಲಿಸಿದ ಒಟ್ಟು 9,356 ಪ್ರಕರಣಗಳಲ್ಲಿ, ಶೇಕಡಾ 78 ಪ್ರತಿಶತ ಪ್ರಕರಣಗಳು ಪೊಲೀಸರ ವಿರುದ್ಧವಾಗಿವೆ. 2025 ರಲ್ಲಿ 5,341 ಹೊಸ ಪ್ರಕರಣಗಳು ಮತ್ತು 271 ಸ್ವಯಂಪ್ರೇರಿತ ಪ್ರಕರಣಗಳು ದಾಖಲಾಗಿವೆ. 2024 ರಿಂದ ಬಾಕಿ ಉಳಿದ 3,944 ಪ್ರಕರಣಗಳು ಸೇರಿವೆ. ಒಟ್ಟು 6,664 ಪ್ರಕರಣಗಳಲ್ಲಿ ಮಾರ್ಚ್ 2025 ರ ವೇಳೆಗೆ 6,892 ಪ್ರಕರಣಗಳನ್ನು ವಿಲೇವಾರಿ ಮಾಡಲಾಗಿದ್ದು, 2,892 ಪ್ರಕರಣಗಳು ಬಾಕಿ ಉಳಿದಿವೆ. ಬೆಂಗಳೂರು ನಗರ ಮತ್ತು ಬೆಂಗಳೂರು ಗ್ರಾಮಾಂತರ ಜಿಲ್ಲೆಯಿಂದ ಅತಿ ಹೆಚ್ಚು ದೂರುಗಳು ಬಂದಿವೆ. 2024 ರಲ್ಲಿ ಆಯೋಗಕ್ಕೆ ಕಾನೂನುಬಾಹಿರ ಬಂಧನಕ್ಕೆ ಸಂಬಂಧಿಸಿದ 153 ಪ್ರಕರಣಗಳು ದಾಖಲಾಗಿವೆ. ದಿ ನ್ಯೂ ಇಂಡಿಯನ್ ಎಕ್ಸ್‌ಪ್ರೆಸ್ ಜೊತೆ ಮಾತನಾಡಿದ ಆಯೋಗದ ಅಧ್ಯಕ್ಷ ಎಲ್.ಕೆ.ಟಿ. ಶ್ಯಾಮ್ ಭಟ್, ಸಮಸ್ಯೆಗಳನ್ನು ಗಮನಿಸಲಾಗಿದೆ ಎಂದರು.
ಕಮಿಷನರು ಸೇರಿದ್ದಾರೆ ಎಂದು ಹೇಳಿದರು. ಅಂತಹ ಬಂಧನದ ವಿರುದ್ಧ ಕಠಿಣ ನಿಯಮಗಳಿದ್ದರೂ, ಅವುಗಳನ್ನು ಹೆಚ್ಚಿನ ಪ್ರಕರಣಗಳಲ್ಲಿ ಪಾಲಿಸಲಾಗುತ್ತಿಲ್ಲ. ಹೆಚ್ಚಿನ ಜನರಿಗೆ ತಮ್ಮ ಹಕ್ಕುಗಳ ಬಗ್ಗೆ ತಿಳಿದಿಲ್ಲ. ಇದರಿಂದ ದೂರು ನೀಡಲು ಭಯಪಡುತ್ತಾರೆ. ಪೊಲೀಸರು ಕಾನೂನು ಪಾಲಿಸಬೇಕು. ಬಂಧಿಸಿದ 24 ಗಂಟೆಗಳಲ್ಲಿ ನ್ಯಾಯಾಲಯಕ್ಕೆ ಹಾಜರುಪಡಿಸಬೇಕು. ಬಂಧನದ ಕಾರಣವನ್ನು ತಿಳಿಸಬೇಕು ಎಂದು ತಿಳಿಸಿದರು.
ಪರಿಶೀಲಿಸಲು ಆಯೋಗವು ರಾಜ್ಯಾದ್ಯಂತ 21 ಜಿಲ್ಲೆಗಳಿಗೆ ಭೇಟಿ ನೀಡುತ್ತದೆ. ಪೊಲೀಸರ ವಿರುದ್ಧದ ದೂರುಗಳನ್ನು ತನಿಖೆ ನಡೆಸಿ ಕ್ರಮ ಕೈಗೊಳ್ಳಲಾಗುತ್ತದೆ. ಇಂತಹ ಪ್ರಕರಣಗಳಲ್ಲಿ ಪರಿಹಾರ ನೀಡುವಂತೆ ಸರ್ಕಾರಕ್ಕೆ ಶಿಫಾರಸು ಮಾಡಲಾಗಿದೆ. ಪೊಲೀಸ್ ಠಾಣೆಗಳಲ್ಲಿ ಸಿಸಿಟಿವಿ ಕ್ಯಾಮೆರಾ ಅಳವಡಿಸುವಂತೆ ಸೂಚಿಸಲಾಗಿದೆ ಎಂದು ಅವರು ಹೇಳಿದರು. ಬಂಧಿತರ ಹಕ್ಕುಗಳ ರಕ್ಷಣೆ ಮುಖ್ಯ ಎಂದರು.
ಭೂ ಪರಿಹಾರ ಪಾವತಿಸದ ಕೊಪ್ಪಳ ಜಿಲ್ಲಾಧಿಕಾರಿ: ಕಾರು ಜಪ್ತಿಗೆ ಕೋರ್ಟ್ ಆದೇಶ
ನಡೆಸಿದ್ದ ಕೋರ್ಟ್ ಜಿಲ್ಲಾಧಿಕಾರಿಯ ಕಾರು ಜಪ್ತಿಗೆ ಆದೇಶ ಮಾಡಿತ್ತು. ವಿಚಾರಣೆ ಮಾಡಿದ ಬಳಿಕ ಕಲ್ಲಪ್ಪ ಕುಟುಂಬಕ್ಕೆ ಸುಮಾರು 7 ಲಕ್ಷ ರೂ. ಪರಿಹಾರ ಬಾಕಿ ಇತ್ತು. ಅವರಿಗೆ 6 ಲಕ್ಷ ರೂ. ಪರಿಹಾರ ನೀಡಲು ಜಿಲ್ಲಾಡಳಿತ ಮುಂದಾಗಿತ್ತು. ಆದರೆ ಇಲ್ಲಿಯವರೆಗೂ ಪರಿಹಾರ ನೀಡಿರಲಿಲ್ಲ. ಹೀಗಾಗಿ ಕಲ್ಲಪ್ಪ ಕುಟುಂಬದವರು ಕೋರ್ಟ್ ಮೆಟ್ಟಿಲೇರಿದ್ದರು. ವಿಚಾರಣೆ ನಡೆಸಿದ ಗಂಗಾವತಿಯ ಹಿರಿಯ ಶ್ರೇಣಿಯ ನ್ಯಾಯಾಲಯ ಕಾರು ಜಪ್ತಿಗೆ ಆದೇಶಿಸಿದೆ. ಗಂಗಾವತಿ ಹಿರಿಯ ನ್ಯಾಯಾಲಯದ ಸಿಬ್ಬಂದಿ ಮತ್ತು ಕಲ್ಲಪ್ಪ ಕುಟುಂಬದವರು ಜಿಲ್ಲಾಧಿಕಾರಿ ಕಚೇರಿಗೆ ಆಗಮಿಸಿ ಡಿಸಿ ಕಾರು ಜಪ್ತಿ ಮಾಡಿದ್ದಾರೆ. ನ್ಯಾಯಾಲಯದ ಸಿಬ್ಬಂದಿ ಕಾರನ್ನು ವಶಕ್ಕೆ ಪಡೆದುಕೊಂಡಿದ್ದಾರೆ. ಜಿಲ್ಲಾಧಿಕಾರಿಗಳು ಪರಿಹಾರದ ಹಣ ನೀಡಲು ಕಾಲಾವಕಾಶ ಕೇಳಿದ್ದಾರೆ. ಸೂಕ್ತ ಪರಿಹಾರ ನೀಡದ ಕಾರಣ ಕಾರು ಜಪ್ತಿ ಮಾಡಲಾಗಿದೆ ಎಂದು ಹೇಳಲಾಗಿದೆ.
ಸುವರ್ಣವಾಹಿನಿ ಸುದ್ದಿ ಕೊಪ್ಪಳ,ಏ.21: ಭೂಸ್ವಾಧೀನ ಪ್ರಕರಣದಲ್ಲಿ ಪರಿಹಾರ ನೀಡದ ಕಾರಣ ಕೊಪ್ಪಳ ಜಿಲ್ಲಾಧಿಕಾರಿಯವರ ಅಧಿಕೃತ ಕಾರನ್ನು ಜಪ್ತಿ ಮಾಡುವಂತೆ ಗಂಗಾವತಿ ನ್ಯಾಯಾಲಯ ಆದೇಶಿಸಿದೆ. ಜಿಲ್ಲಾಧಿಕಾರಿ ನಳಿನ್ ಅತುಲ್ ಅವರ ವಾಹನವನ್ನು ಜಪ್ತಿ ಮಾಡಲಾಗಿದೆ. ಕಲ್ಲಪ್ಪ ಎಂಬುವರಿಗೆ ಸೇರಿದ ಭೂಮಿ ಸ್ವಾಧೀನಪಡಿಸಿಕೊಳ್ಳಲಾಗಿತ್ತು.
ಬಾಲಿ ಕೈಯಲ್ಲಿ ಹಿಂತಿರುಗಿಸಬೇಕು. ಗಂಗಾವತಿ ನಗರದ ವಾರ್ಡ್ ವ್ಯಾಪ್ತಿಯ ಜಮೀನನ್ನು ಬಡಾವಣೆಗಾಗಿ ಸ್ವಾಧೀನ ಮಾಡಿಕೊಂಡಿದ್ದರು. ಈ ಬಗ್ಗೆ ಜಿಲ್ಲಾಧಿಕಾರಿ ಕಚೇರಿಯಲ್ಲಿ ಹಲವು ಬಾರಿ ಮನವಿ ಸಲ್ಲಿಸಿದರೂ ಪ್ರಯೋಜನವಾಗಿರಲಿಲ್ಲ. ಸುಪ್ರೀಂ ಕೋರ್ಟ್ ಮಾರ್ಗಸೂಚಿ ಪ್ರಕಾರ ಪರಿಹಾರ ನೀಡಬೇಕು. ಸುಪ್ರೀಂ 6 ವರ್ಷಗಳ ಬಳಿಕ ವಿಚಾರಣೆ ನಡೆಸಲಾಗಿದೆ.
ಸುವರ್ಣವಾಹಿನಿ ಪತ್ರಿಕೆ ಓದಿರಿ
